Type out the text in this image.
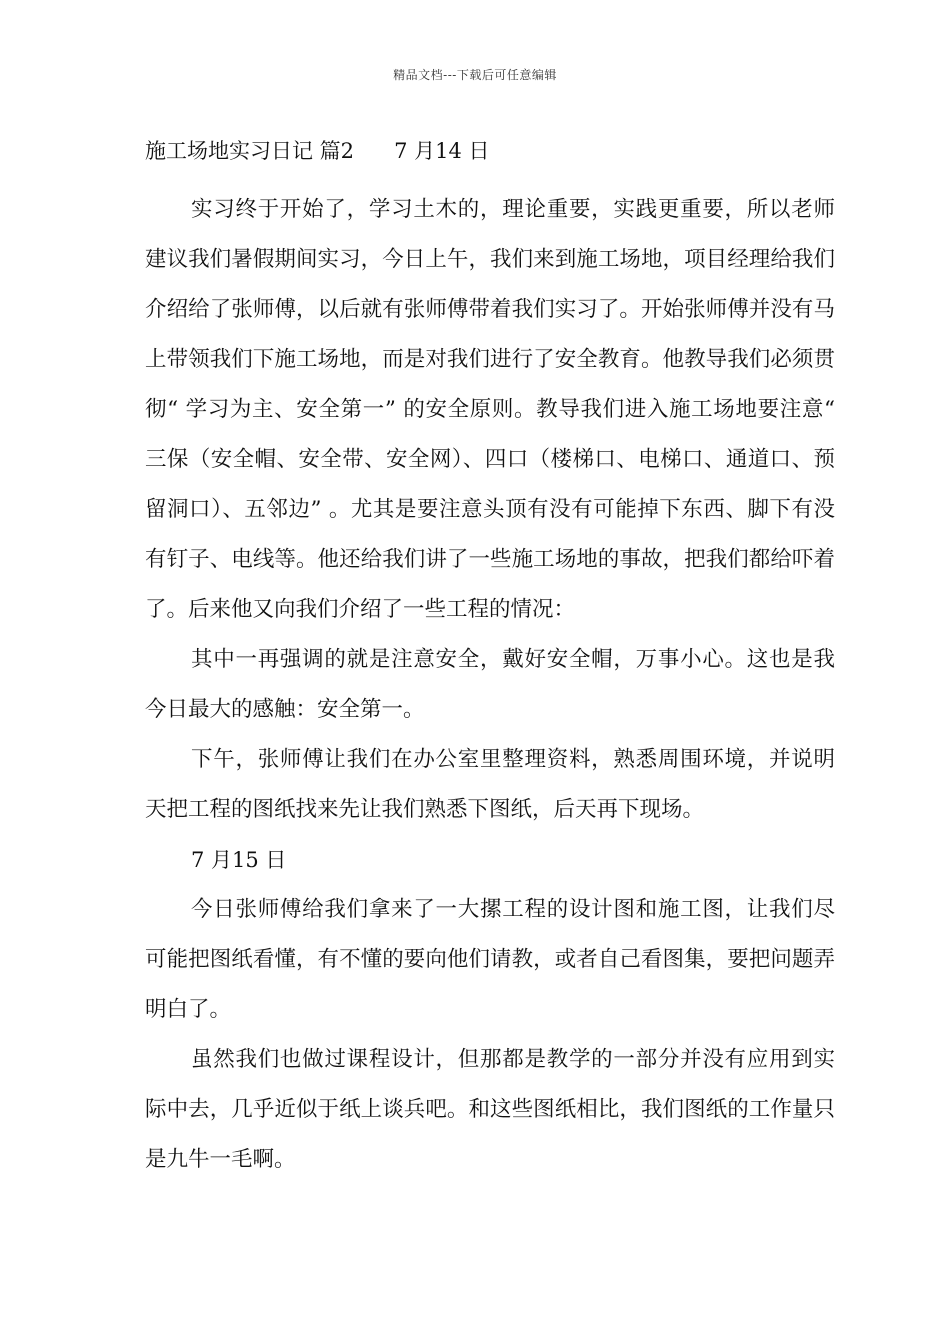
精品文档---下载后可任意编辑
施工场地实习日记 篇2      7 月14 日

实习终于开始了，学习土木的，理论重要，实践更重要，所以老师建议我们暑假期间实习，今日上午，我们来到施工场地，项目经理给我们介绍给了张师傅，以后就有张师傅带着我们实习了。开始张师傅并没有马上带领我们下施工场地，而是对我们进行了安全教育。他教导我们必须贯彻“ 学习为主、安全第一” 的安全原则。教导我们进入施工场地要注意“ 三保（安全帽、安全带、安全网）、四口（楼梯口、电梯口、通道口、预留洞口）、五邻边” 。尤其是要注意头顶有没有可能掉下东西、脚下有没有钉子、电线等。他还给我们讲了一些施工场地的事故，把我们都给吓着了。后来他又向我们介绍了一些工程的情况：

其中一再强调的就是注意安全，戴好安全帽，万事小心。这也是我今日最大的感触：安全第一。

下午，张师傅让我们在办公室里整理资料，熟悉周围环境，并说明天把工程的图纸找来先让我们熟悉下图纸，后天再下现场。

7 月15 日

今日张师傅给我们拿来了一大摞工程的设计图和施工图，让我们尽可能把图纸看懂，有不懂的要向他们请教，或者自己看图集，要把问题弄明白了。

虽然我们也做过课程设计，但那都是教学的一部分并没有应用到实际中去，几乎近似于纸上谈兵吧。和这些图纸相比，我们图纸的工作量只是九牛一毛啊。
